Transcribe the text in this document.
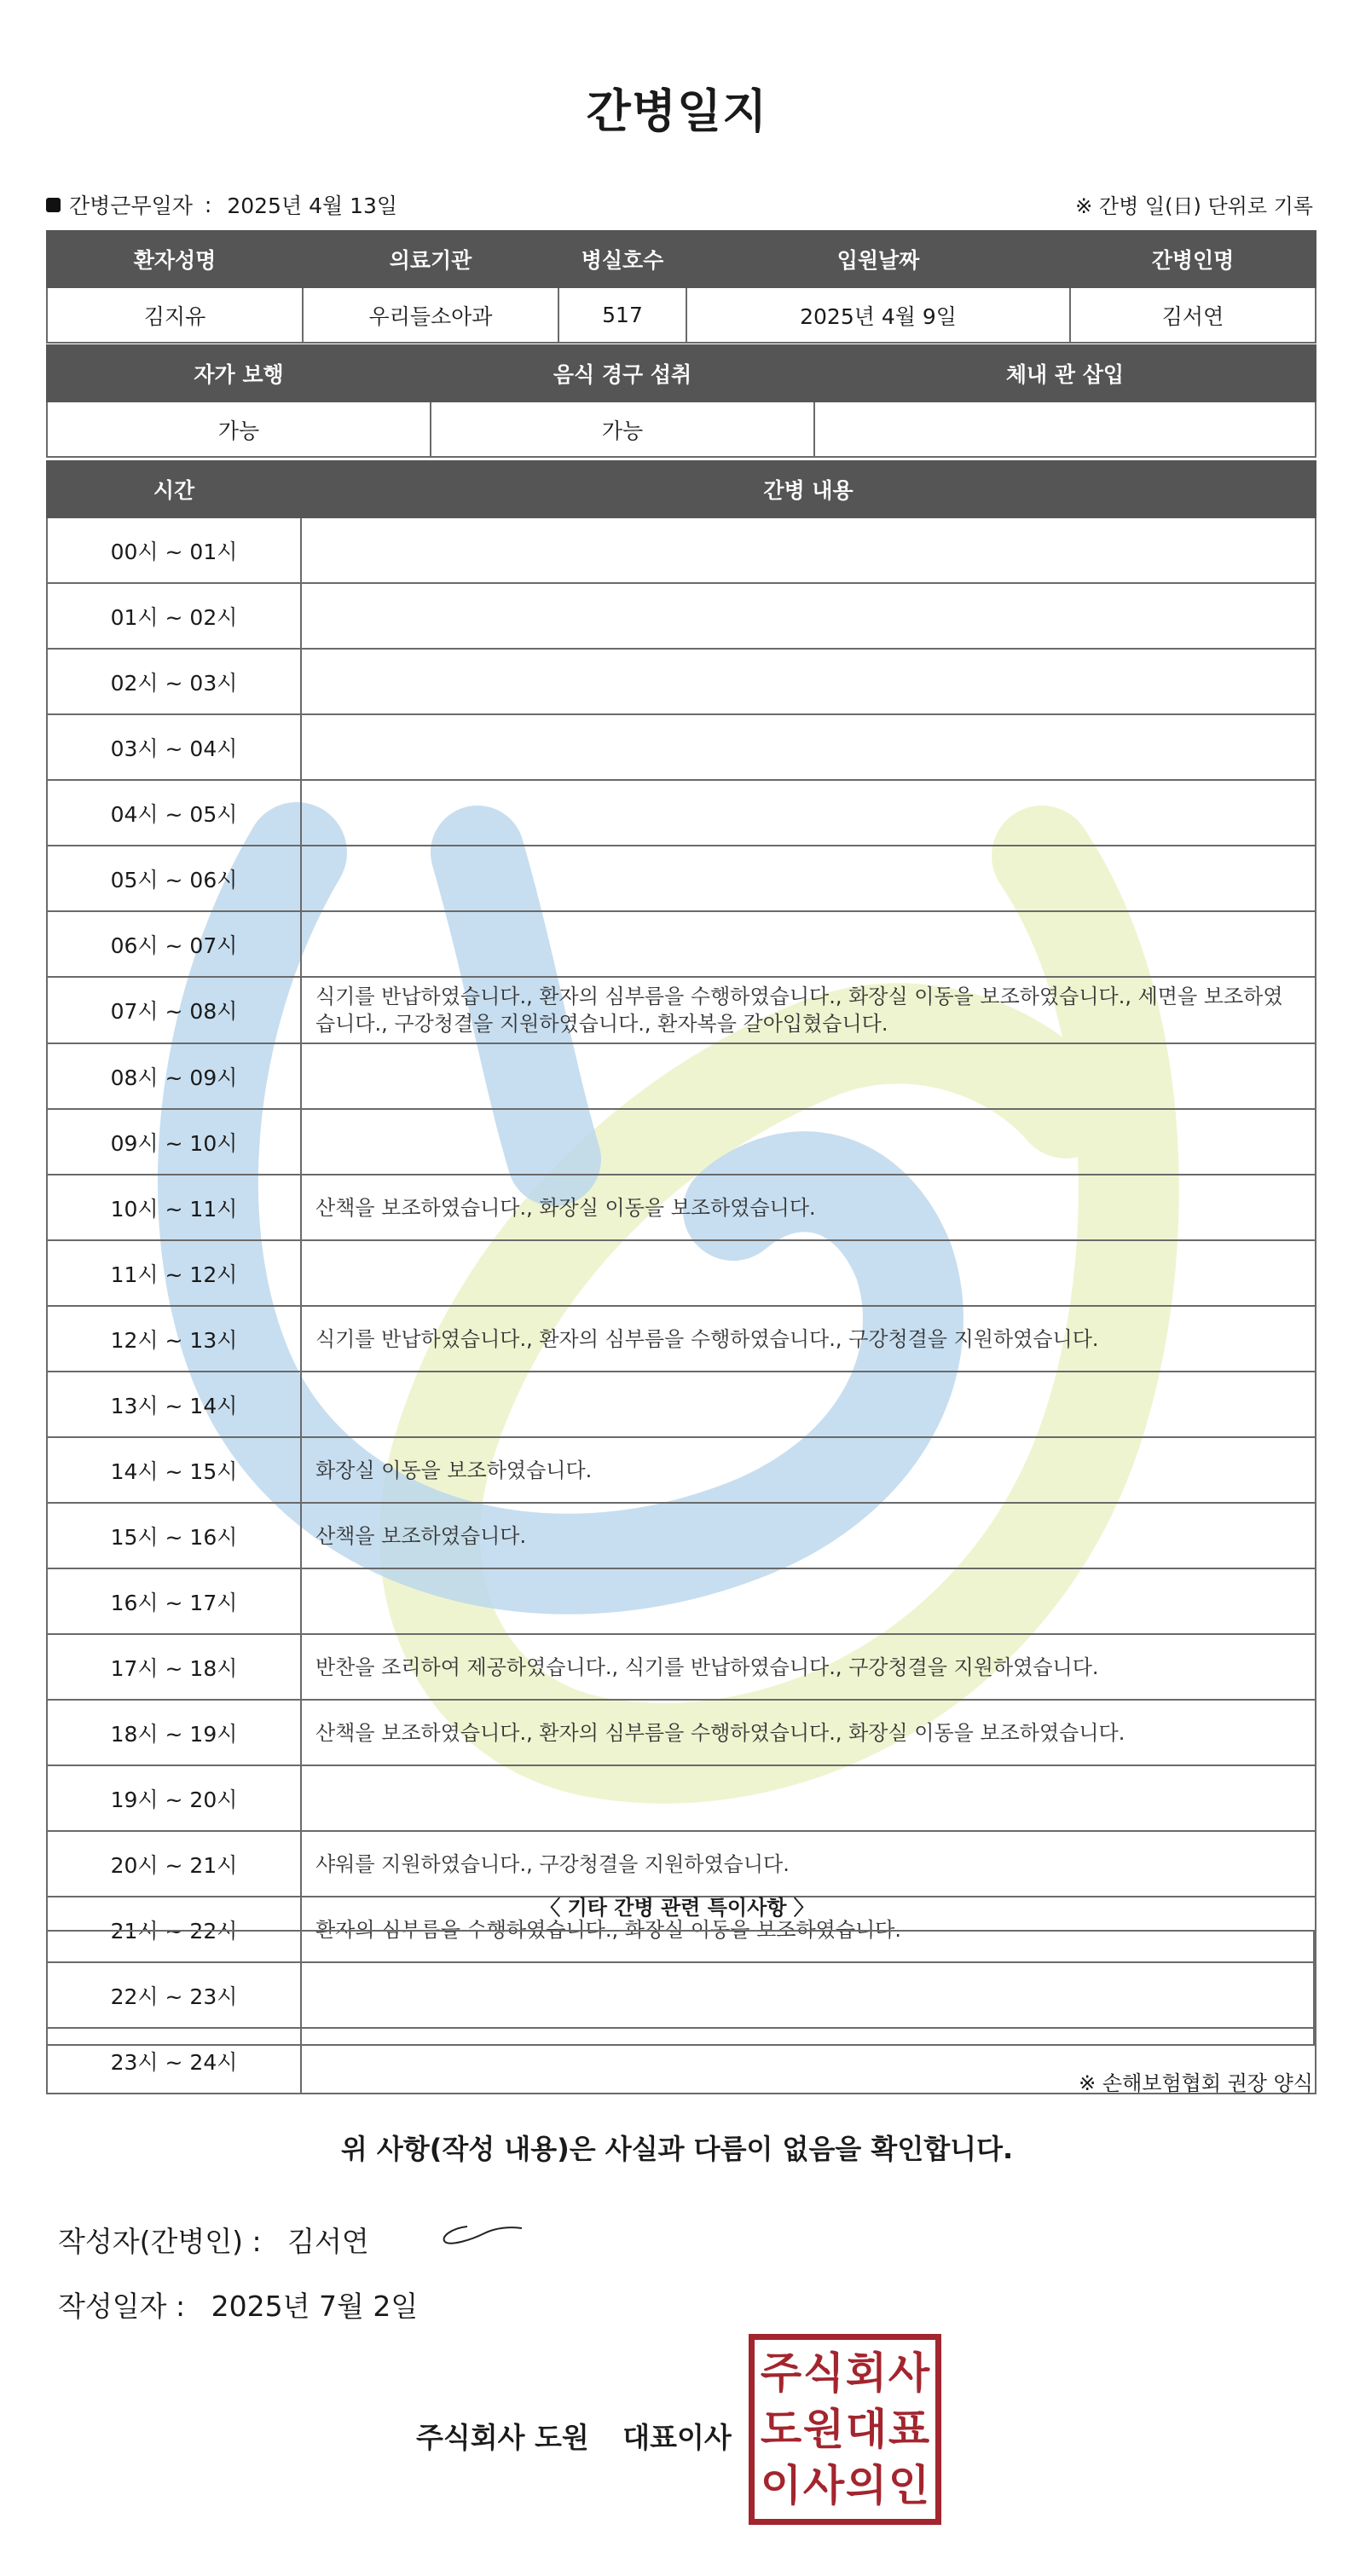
간병일지
간병근무일자 : 2025년 4월 13일	※ 간병 일(日) 단위로 기록
환자성명	의료기관	병실호수	입원날짜	간병인명
김지유	우리들소아과	517	2025년 4월 9일	김서연
자가 보행	음식 경구 섭취	체내 관 삽입
가능	가능	
시간	간병 내용
00시 ~ 01시	
01시 ~ 02시	
02시 ~ 03시	
03시 ~ 04시	
04시 ~ 05시	
05시 ~ 06시	
06시 ~ 07시	
07시 ~ 08시	식기를 반납하였습니다., 환자의 심부름을 수행하였습니다., 화장실 이동을 보조하였습니다., 세면을 보조하였습니다., 구강청결을 지원하였습니다., 환자복을 갈아입혔습니다.
08시 ~ 09시	
09시 ~ 10시	
10시 ~ 11시	산책을 보조하였습니다., 화장실 이동을 보조하였습니다.
11시 ~ 12시	
12시 ~ 13시	식기를 반납하였습니다., 환자의 심부름을 수행하였습니다., 구강청결을 지원하였습니다.
13시 ~ 14시	
14시 ~ 15시	화장실 이동을 보조하였습니다.
15시 ~ 16시	산책을 보조하였습니다.
16시 ~ 17시	
17시 ~ 18시	반찬을 조리하여 제공하였습니다., 식기를 반납하였습니다., 구강청결을 지원하였습니다.
18시 ~ 19시	산책을 보조하였습니다., 환자의 심부름을 수행하였습니다., 화장실 이동을 보조하였습니다.
19시 ~ 20시	
20시 ~ 21시	샤워를 지원하였습니다., 구강청결을 지원하였습니다.
21시 ~ 22시	환자의 심부름을 수행하였습니다., 화장실 이동을 보조하였습니다.
22시 ~ 23시	
23시 ~ 24시	
〈 기타 간병 관련 특이사항 〉
※ 손해보험협회 권장 양식
위 사항(작성 내용)은 사실과 다름이 없음을 확인합니다.
작성자(간병인) : 김서연
작성일자 : 2025년 7월 2일
주식회사 도원 대표이사
주 식 회 사
도 원 대 표
이 사 의 인
